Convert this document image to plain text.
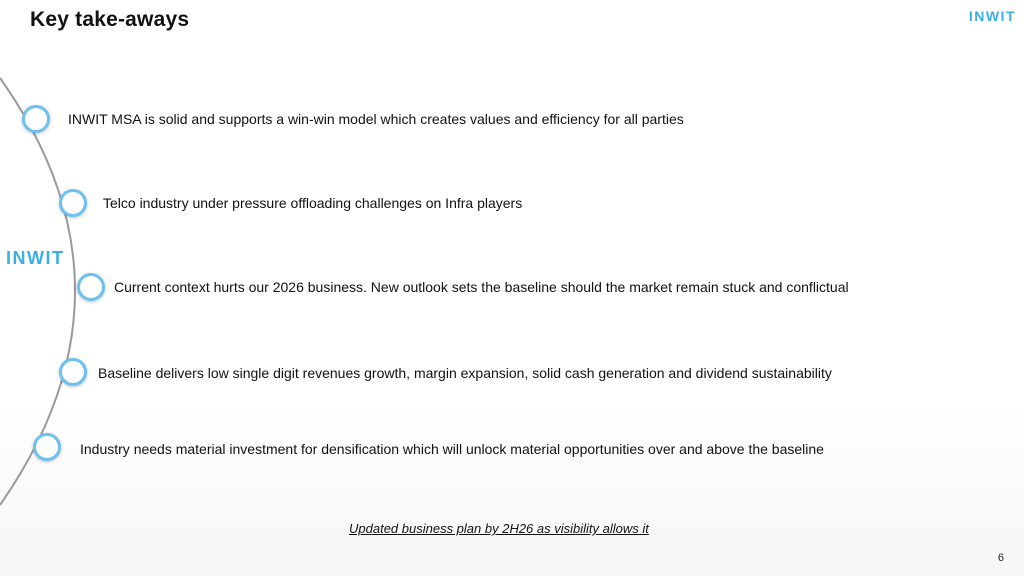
Key take-aways	INWIT
INWIT
INWIT MSA is solid and supports a win-win model which creates values and efficiency for all parties
Telco industry under pressure offloading challenges on Infra players
Current context hurts our 2026 business. New outlook sets the baseline should the market remain stuck and conflictual
Baseline delivers low single digit revenues growth, margin expansion, solid cash generation and dividend sustainability
Industry needs material investment for densification which will unlock material opportunities over and above the baseline
Updated business plan by 2H26 as visibility allows it
6
